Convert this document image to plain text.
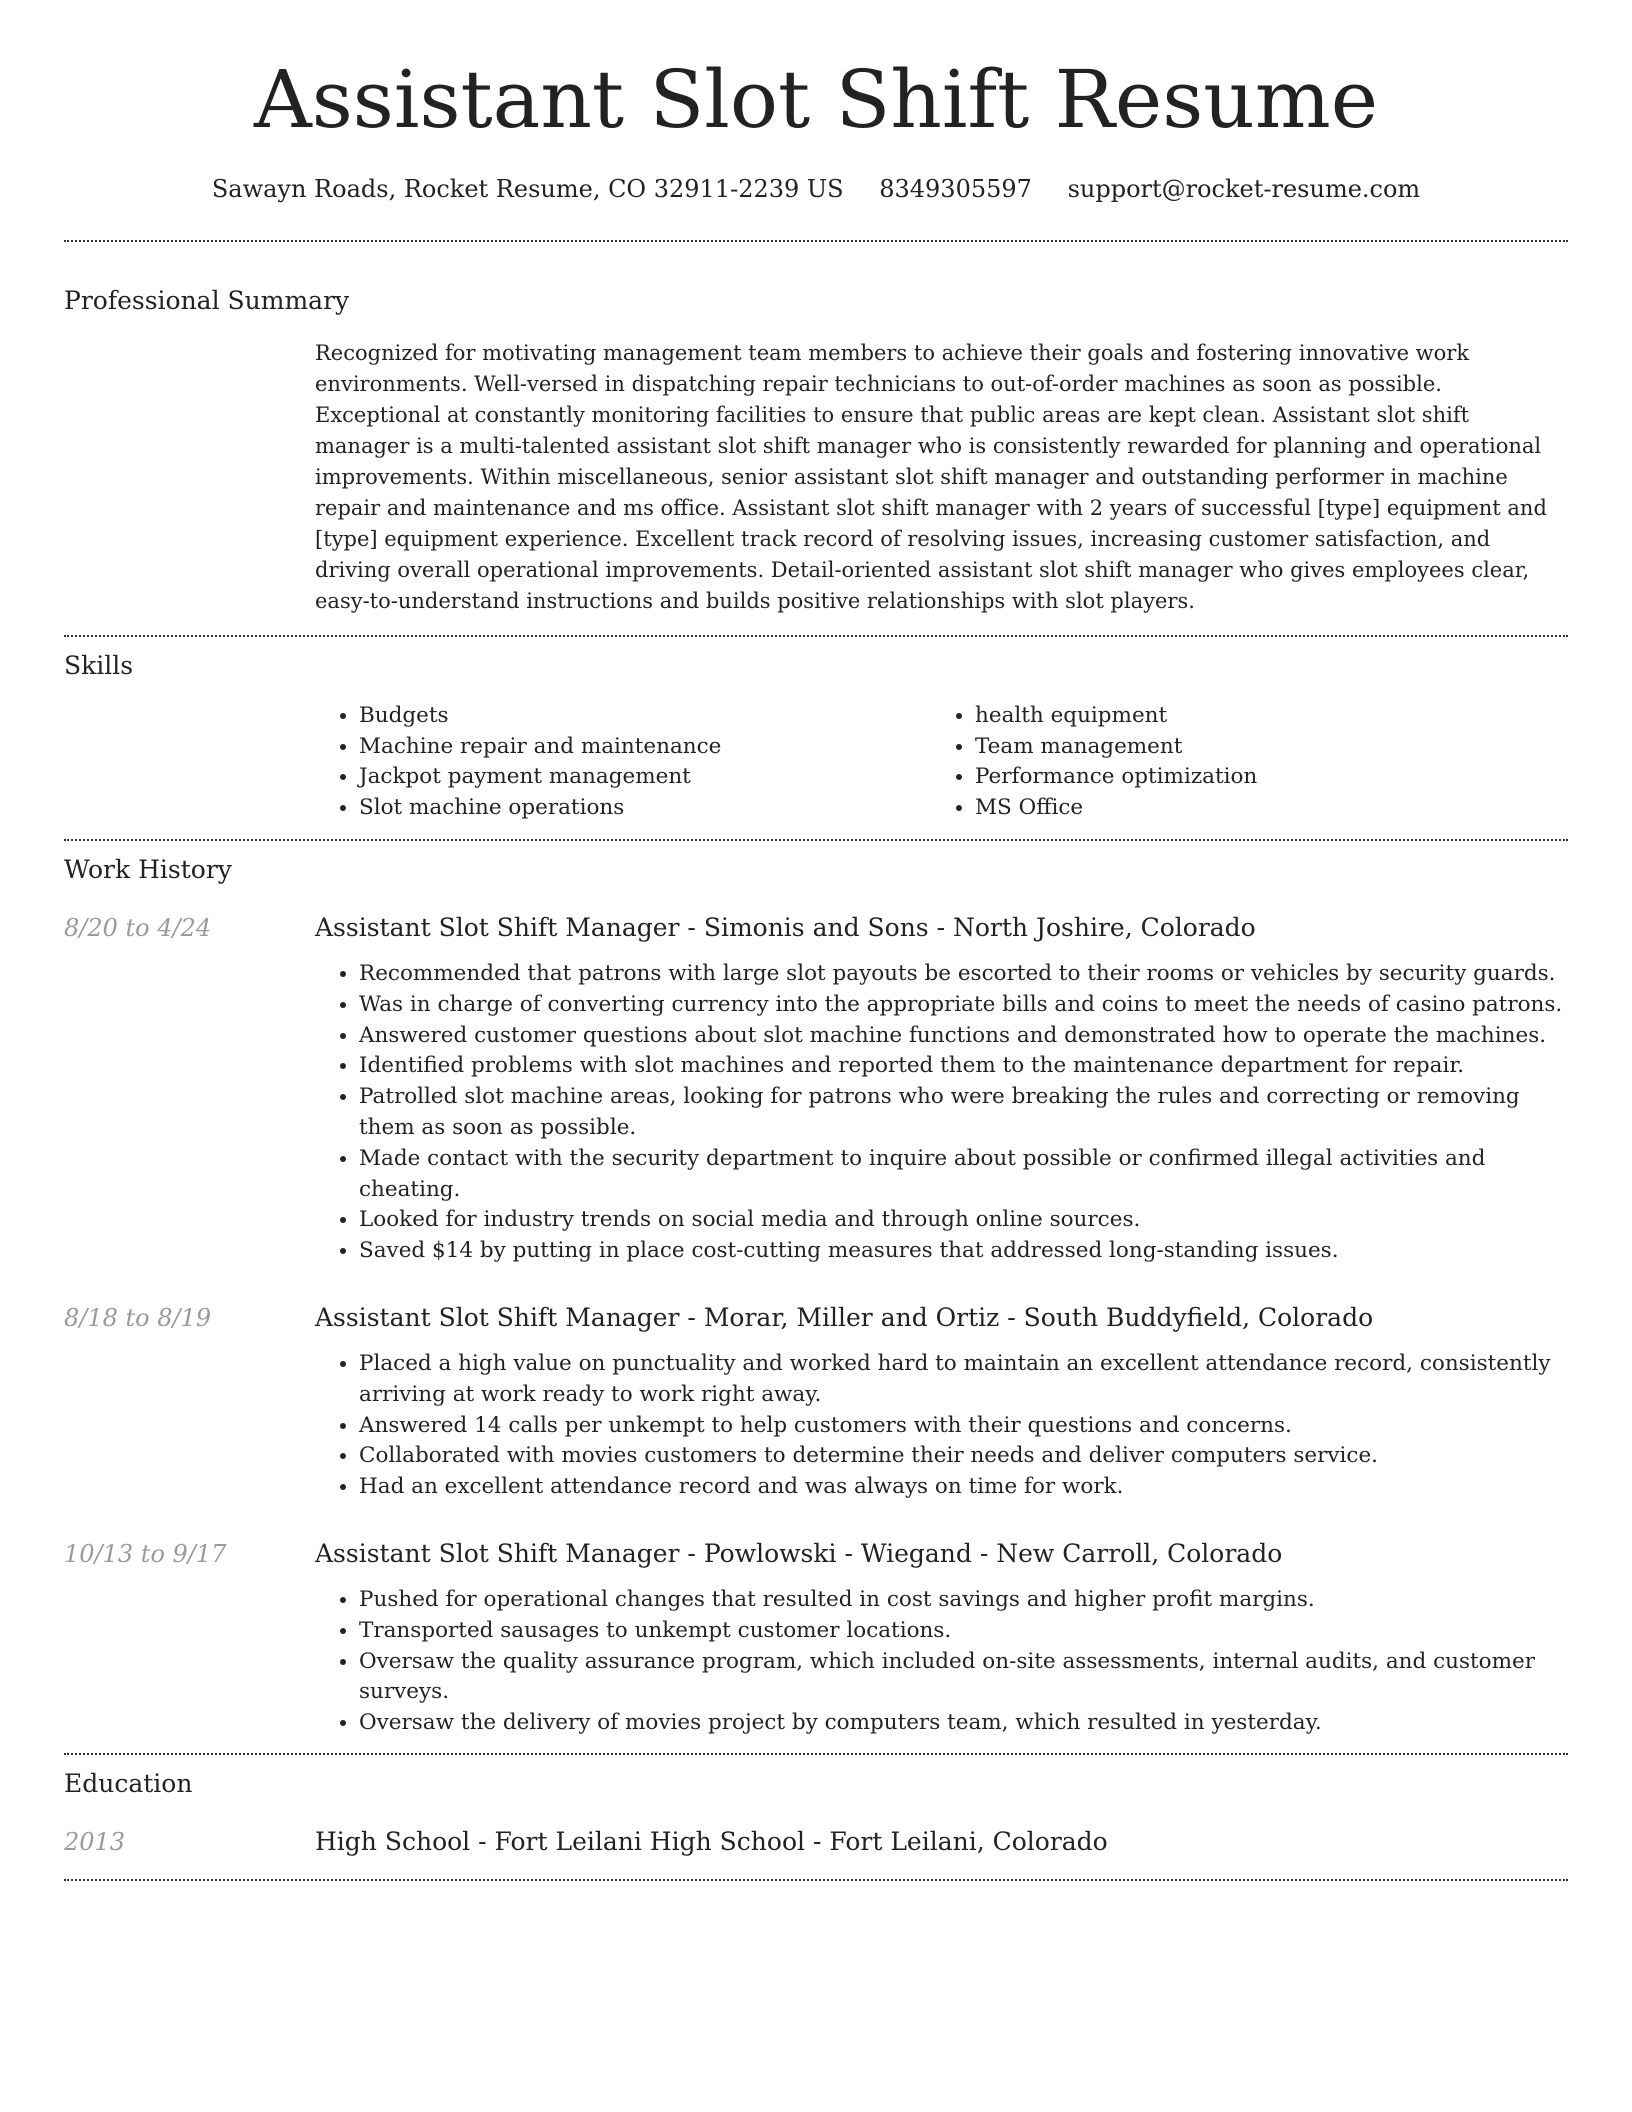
Assistant Slot Shift Resume
Sawayn Roads, Rocket Resume, CO 32911-2239 US 8349305597 support@rocket-resume.com
Professional Summary
Recognized for motivating management team members to achieve their goals and fostering innovative work environments. Well-versed in dispatching repair technicians to out-of-order machines as soon as possible. Exceptional at constantly monitoring facilities to ensure that public areas are kept clean. Assistant slot shift manager is a multi-talented assistant slot shift manager who is consistently rewarded for planning and operational improvements. Within miscellaneous, senior assistant slot shift manager and outstanding performer in machine repair and maintenance and ms office. Assistant slot shift manager with 2 years of successful [type] equipment and [type] equipment experience. Excellent track record of resolving issues, increasing customer satisfaction, and driving overall operational improvements. Detail-oriented assistant slot shift manager who gives employees clear, easy-to-understand instructions and builds positive relationships with slot players.
Skills
• Budgets
• Machine repair and maintenance
• Jackpot payment management
• Slot machine operations
• health equipment
• Team management
• Performance optimization
• MS Office
Work History
8/20 to 4/24	Assistant Slot Shift Manager - Simonis and Sons - North Joshire, Colorado
• Recommended that patrons with large slot payouts be escorted to their rooms or vehicles by security guards.
• Was in charge of converting currency into the appropriate bills and coins to meet the needs of casino patrons.
• Answered customer questions about slot machine functions and demonstrated how to operate the machines.
• Identified problems with slot machines and reported them to the maintenance department for repair.
• Patrolled slot machine areas, looking for patrons who were breaking the rules and correcting or removing them as soon as possible.
• Made contact with the security department to inquire about possible or confirmed illegal activities and cheating.
• Looked for industry trends on social media and through online sources.
• Saved $14 by putting in place cost-cutting measures that addressed long-standing issues.
8/18 to 8/19	Assistant Slot Shift Manager - Morar, Miller and Ortiz - South Buddyfield, Colorado
• Placed a high value on punctuality and worked hard to maintain an excellent attendance record, consistently arriving at work ready to work right away.
• Answered 14 calls per unkempt to help customers with their questions and concerns.
• Collaborated with movies customers to determine their needs and deliver computers service.
• Had an excellent attendance record and was always on time for work.
10/13 to 9/17	Assistant Slot Shift Manager - Powlowski - Wiegand - New Carroll, Colorado
• Pushed for operational changes that resulted in cost savings and higher profit margins.
• Transported sausages to unkempt customer locations.
• Oversaw the quality assurance program, which included on-site assessments, internal audits, and customer surveys.
• Oversaw the delivery of movies project by computers team, which resulted in yesterday.
Education
2013	High School - Fort Leilani High School - Fort Leilani, Colorado
